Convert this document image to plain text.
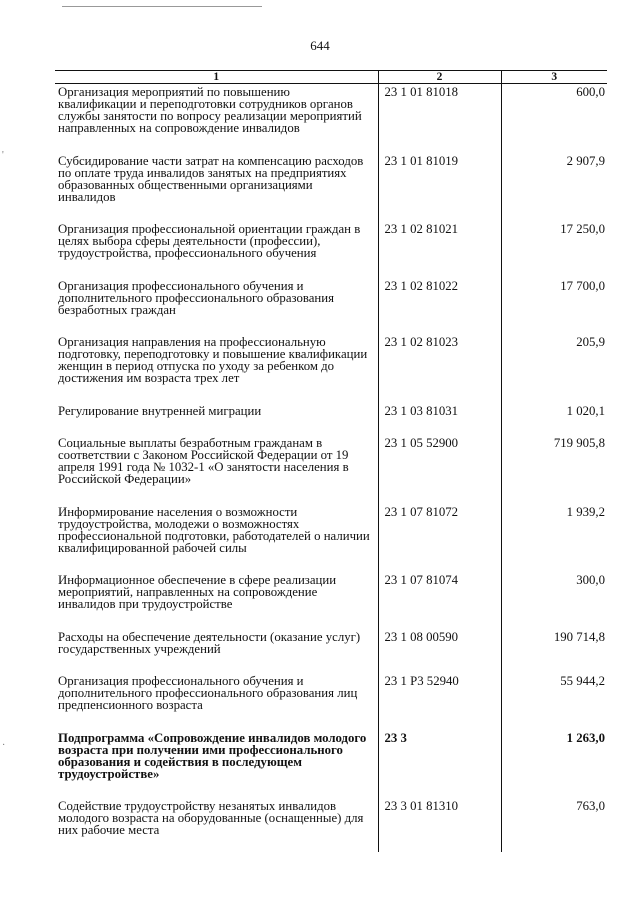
644
1	2	3
Организация мероприятий по повышению квалификации и переподготовки сотрудников органов службы занятости по вопросу реализации мероприятий направленных на сопровождение инвалидов	23 1 01 81018	600,0
Субсидирование части затрат на компенсацию расходов по оплате труда инвалидов занятых на предприятиях образованных общественными организациями инвалидов	23 1 01 81019	2 907,9
Организация профессиональной ориентации граждан в целях выбора сферы деятельности (профессии), трудоустройства, профессионального обучения	23 1 02 81021	17 250,0
Организация профессионального обучения и дополнительного профессионального образования безработных граждан	23 1 02 81022	17 700,0
Организация направления на профессиональную подготовку, переподготовку и повышение квалификации женщин в период отпуска по уходу за ребенком до достижения им возраста трех лет	23 1 02 81023	205,9
Регулирование внутренней миграции	23 1 03 81031	1 020,1
Социальные выплаты безработным гражданам в соответствии с Законом Российской Федерации от 19 апреля 1991 года № 1032-1 «О занятости населения в Российской Федерации»	23 1 05 52900	719 905,8
Информирование населения о возможности трудоустройства, молодежи о возможностях профессиональной подготовки, работодателей о наличии квалифицированной рабочей силы	23 1 07 81072	1 939,2
Информационное обеспечение в сфере реализации мероприятий, направленных на сопровождение инвалидов при трудоустройстве	23 1 07 81074	300,0
Расходы на обеспечение деятельности (оказание услуг) государственных учреждений	23 1 08 00590	190 714,8
Организация профессионального обучения и дополнительного профессионального образования лиц предпенсионного возраста	23 1 P3 52940	55 944,2
Подпрограмма «Сопровождение инвалидов молодого возраста при получении ими профессионального образования и содействия в последующем трудоустройстве»	23 3	1 263,0
Содействие трудоустройству незанятых инвалидов молодого возраста на оборудованные (оснащенные) для них рабочие места	23 3 01 81310	763,0
'
·
